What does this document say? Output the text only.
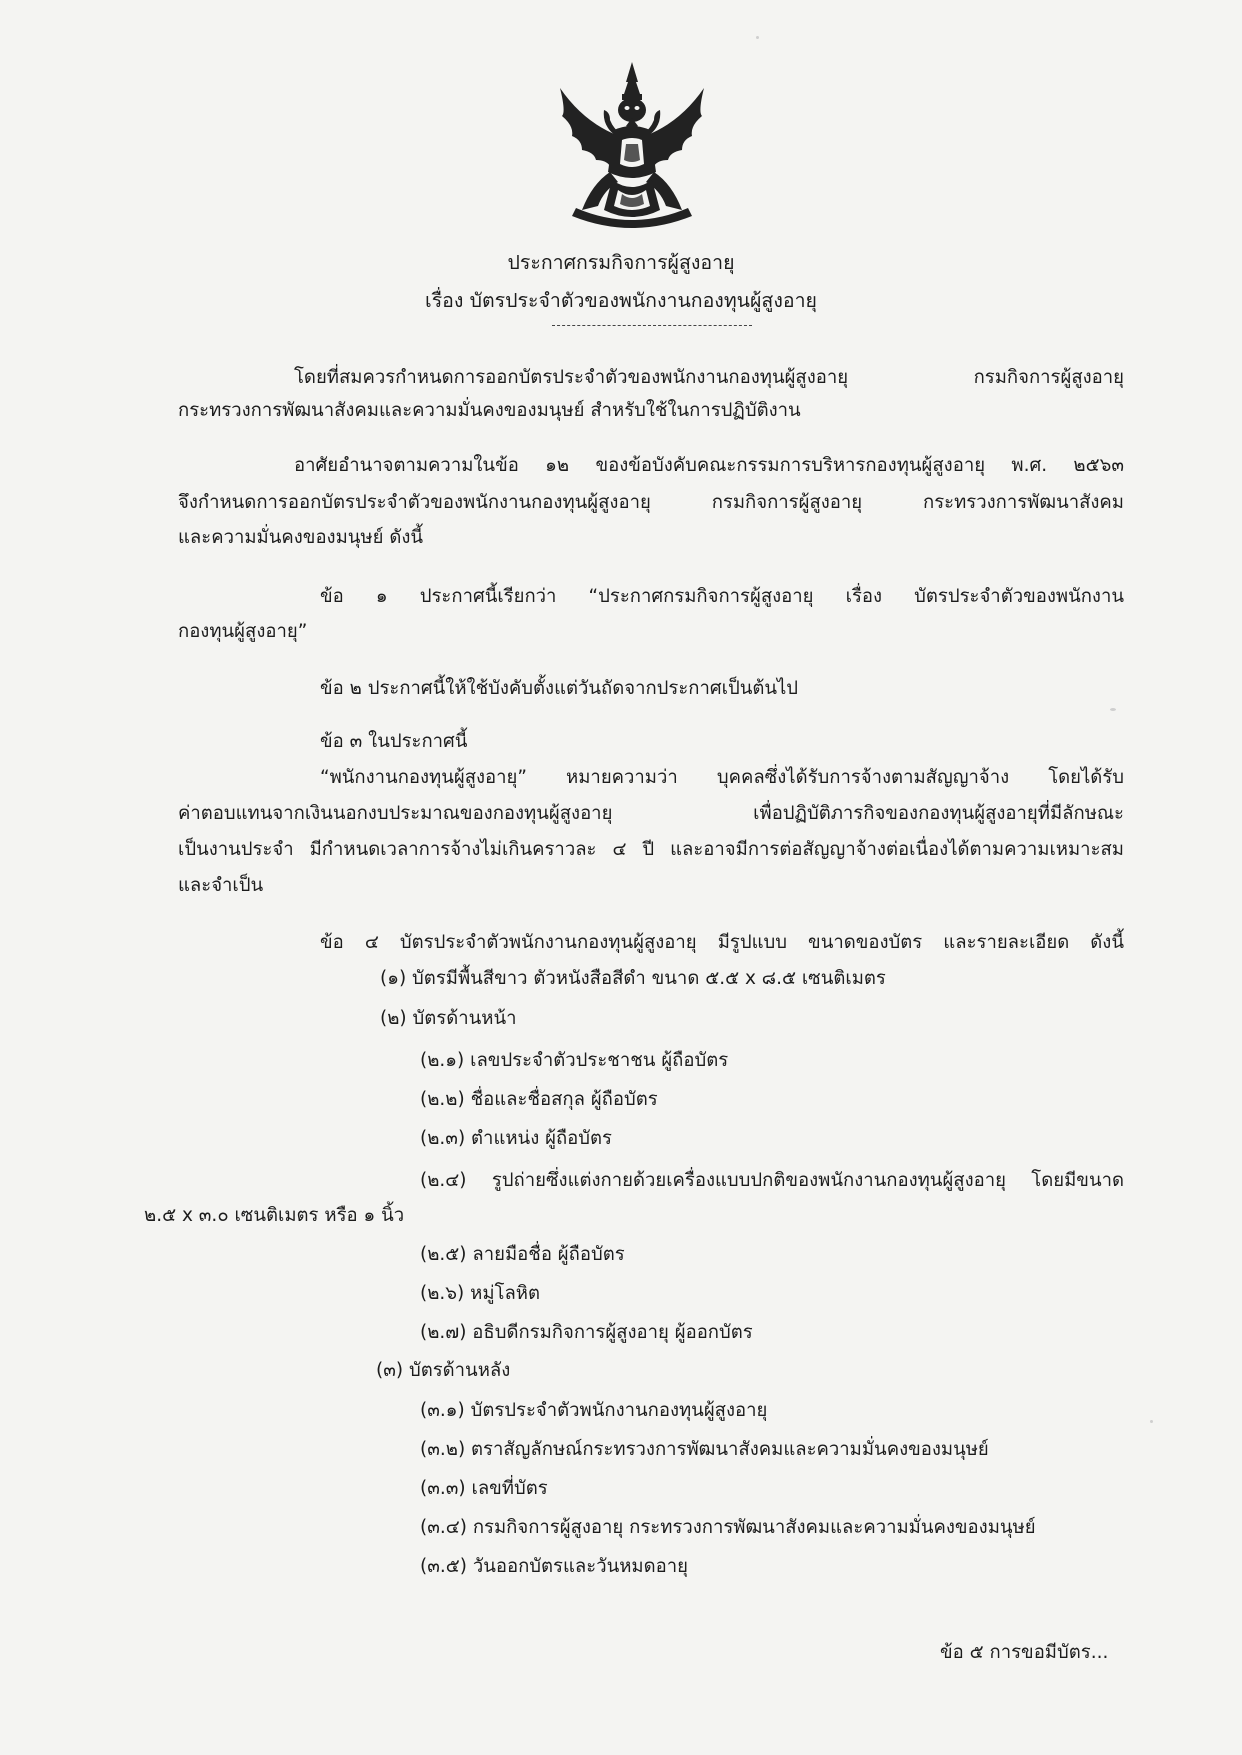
ประกาศกรมกิจการผู้สูงอายุ
เรื่อง บัตรประจำตัวของพนักงานกองทุนผู้สูงอายุ
โดยที่สมควรกำหนดการออกบัตรประจำตัวของพนักงานกองทุนผู้สูงอายุ กรมกิจการผู้สูงอายุ
กระทรวงการพัฒนาสังคมและความมั่นคงของมนุษย์ สำหรับใช้ในการปฏิบัติงาน
อาศัยอำนาจตามความในข้อ ๑๒ ของข้อบังคับคณะกรรมการบริหารกองทุนผู้สูงอายุ พ.ศ. ๒๕๖๓
จึงกำหนดการออกบัตรประจำตัวของพนักงานกองทุนผู้สูงอายุ กรมกิจการผู้สูงอายุ กระทรวงการพัฒนาสังคม
และความมั่นคงของมนุษย์ ดังนี้
ข้อ ๑ ประกาศนี้เรียกว่า “ประกาศกรมกิจการผู้สูงอายุ เรื่อง บัตรประจำตัวของพนักงาน
กองทุนผู้สูงอายุ”
ข้อ ๒ ประกาศนี้ให้ใช้บังคับตั้งแต่วันถัดจากประกาศเป็นต้นไป
ข้อ ๓ ในประกาศนี้
“พนักงานกองทุนผู้สูงอายุ” หมายความว่า บุคคลซึ่งได้รับการจ้างตามสัญญาจ้าง โดยได้รับ
ค่าตอบแทนจากเงินนอกงบประมาณของกองทุนผู้สูงอายุ เพื่อปฏิบัติภารกิจของกองทุนผู้สูงอายุที่มีลักษณะ
เป็นงานประจำ มีกำหนดเวลาการจ้างไม่เกินคราวละ ๔ ปี และอาจมีการต่อสัญญาจ้างต่อเนื่องได้ตามความเหมาะสม
และจำเป็น
ข้อ ๔ บัตรประจำตัวพนักงานกองทุนผู้สูงอายุ มีรูปแบบ ขนาดของบัตร และรายละเอียด ดังนี้
(๑) บัตรมีพื้นสีขาว ตัวหนังสือสีดำ ขนาด ๕.๕ x ๘.๕ เซนติเมตร
(๒) บัตรด้านหน้า
(๒.๑) เลขประจำตัวประชาชน ผู้ถือบัตร
(๒.๒) ชื่อและชื่อสกุล ผู้ถือบัตร
(๒.๓) ตำแหน่ง ผู้ถือบัตร
(๒.๔) รูปถ่ายซึ่งแต่งกายด้วยเครื่องแบบปกติของพนักงานกองทุนผู้สูงอายุ โดยมีขนาด
๒.๕ x ๓.๐ เซนติเมตร หรือ ๑ นิ้ว
(๒.๕) ลายมือชื่อ ผู้ถือบัตร
(๒.๖) หมู่โลหิต
(๒.๗) อธิบดีกรมกิจการผู้สูงอายุ ผู้ออกบัตร
(๓) บัตรด้านหลัง
(๓.๑) บัตรประจำตัวพนักงานกองทุนผู้สูงอายุ
(๓.๒) ตราสัญลักษณ์กระทรวงการพัฒนาสังคมและความมั่นคงของมนุษย์
(๓.๓) เลขที่บัตร
(๓.๔) กรมกิจการผู้สูงอายุ กระทรวงการพัฒนาสังคมและความมั่นคงของมนุษย์
(๓.๕) วันออกบัตรและวันหมดอายุ
ข้อ ๕ การขอมีบัตร...
